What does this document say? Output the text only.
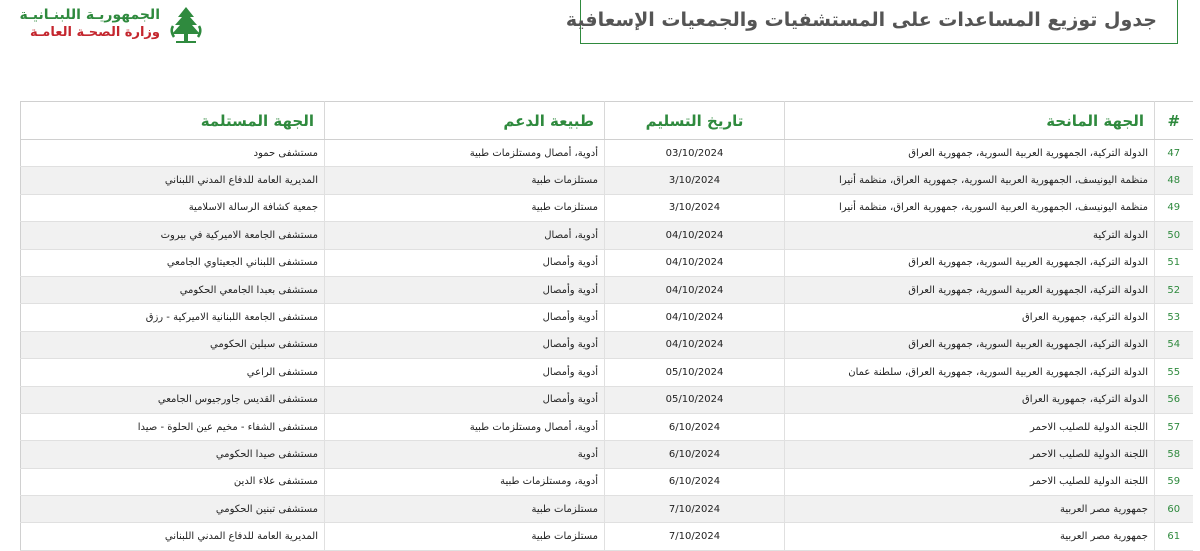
الجمهوريـة اللبنـانيـة
وزارة الصحـة العامـة
جدول توزيع المساعدات على المستشفيات والجمعيات الإسعافية
#	الجهة المانحة	تاريخ التسليم	طبيعة الدعم	الجهة المستلمة
47	الدولة التركية، الجمهورية العربية السورية، جمهورية العراق	03/10/2024	أدوية، أمصال ومستلزمات طبية	مستشفى حمود
48	منظمة اليونيسف، الجمهورية العربية السورية، جمهورية العراق، منظمة أنيرا	3/10/2024	مستلزمات طبية	المديرية العامة للدفاع المدني اللبناني
49	منظمة اليونيسف، الجمهورية العربية السورية، جمهورية العراق، منظمة أنيرا	3/10/2024	مستلزمات طبية	جمعية كشافة الرسالة الاسلامية
50	الدولة التركية	04/10/2024	أدوية، أمصال	مستشفى الجامعة الاميركية في بيروت
51	الدولة التركية، الجمهورية العربية السورية، جمهورية العراق	04/10/2024	أدوية وأمصال	مستشفى اللبناني الجعيتاوي الجامعي
52	الدولة التركية، الجمهورية العربية السورية، جمهورية العراق	04/10/2024	أدوية وأمصال	مستشفى بعبدا الجامعي الحكومي
53	الدولة التركية، جمهورية العراق	04/10/2024	أدوية وأمصال	مستشفى الجامعة اللبنانية الاميركية - رزق
54	الدولة التركية، الجمهورية العربية السورية، جمهورية العراق	04/10/2024	أدوية وأمصال	مستشفى سبلين الحكومي
55	الدولة التركية، الجمهورية العربية السورية، جمهورية العراق، سلطنة عمان	05/10/2024	أدوية وأمصال	مستشفى الراعي
56	الدولة التركية، جمهورية العراق	05/10/2024	أدوية وأمصال	مستشفى القديس جاورجيوس الجامعي
57	اللجنة الدولية للصليب الاحمر	6/10/2024	أدوية، أمصال ومستلزمات طبية	مستشفى الشفاء - مخيم عين الحلوة - صيدا
58	اللجنة الدولية للصليب الاحمر	6/10/2024	أدوية	مستشفى صيدا الحكومي
59	اللجنة الدولية للصليب الاحمر	6/10/2024	أدوية، ومستلزمات طبية	مستشفى علاء الدين
60	جمهورية مصر العربية	7/10/2024	مستلزمات طبية	مستشفى تبنين الحكومي
61	جمهورية مصر العربية	7/10/2024	مستلزمات طبية	المديرية العامة للدفاع المدني اللبناني
